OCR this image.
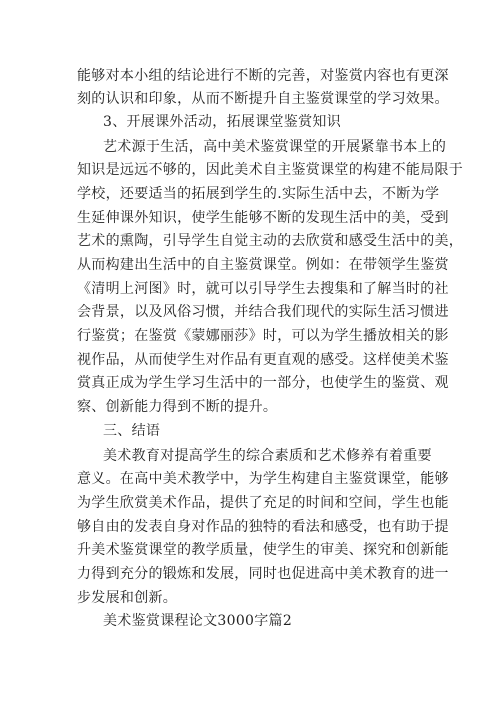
能够对本小组的结论进行不断的完善，对鉴赏内容也有更深
刻的认识和印象，从而不断提升自主鉴赏课堂的学习效果。
3、开展课外活动，拓展课堂鉴赏知识
艺术源于生活，高中美术鉴赏课堂的开展紧靠书本上的
知识是远远不够的，因此美术自主鉴赏课堂的构建不能局限于
学校，还要适当的拓展到学生的.实际生活中去，不断为学
生延伸课外知识，使学生能够不断的发现生活中的美，受到
艺术的熏陶，引导学生自觉主动的去欣赏和感受生活中的美，
从而构建出生活中的自主鉴赏课堂。例如：在带领学生鉴赏
《清明上河图》时，就可以引导学生去搜集和了解当时的社
会背景，以及风俗习惯，并结合我们现代的实际生活习惯进
行鉴赏；在鉴赏《蒙娜丽莎》时，可以为学生播放相关的影
视作品，从而使学生对作品有更直观的感受。这样使美术鉴
赏真正成为学生学习生活中的一部分，也使学生的鉴赏、观
察、创新能力得到不断的提升。
三、结语
美术教育对提高学生的综合素质和艺术修养有着重要
意义。在高中美术教学中，为学生构建自主鉴赏课堂，能够
为学生欣赏美术作品，提供了充足的时间和空间，学生也能
够自由的发表自身对作品的独特的看法和感受，也有助于提
升美术鉴赏课堂的教学质量，使学生的审美、探究和创新能
力得到充分的锻炼和发展，同时也促进高中美术教育的进一
步发展和创新。
美术鉴赏课程论文3000字篇2
